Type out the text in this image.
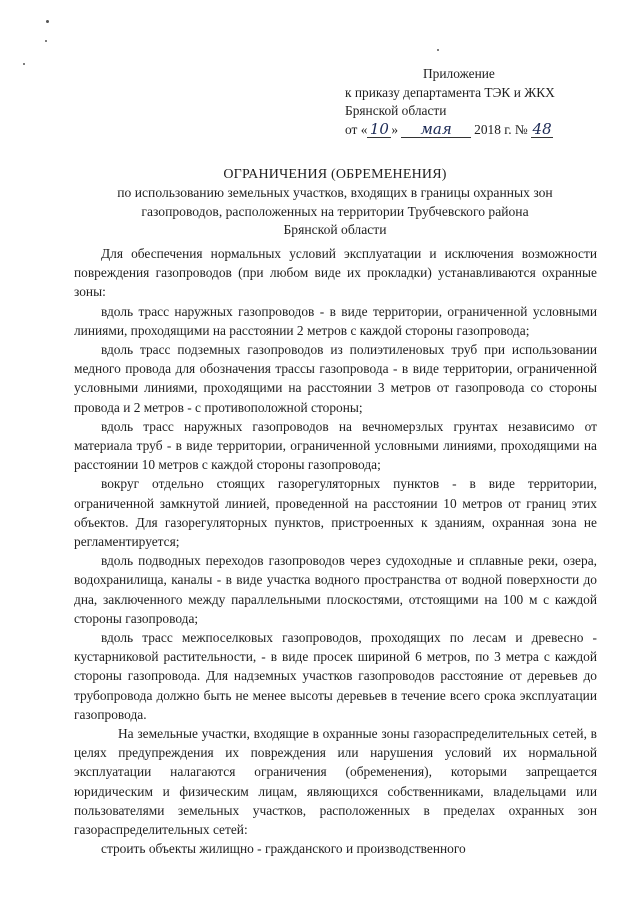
Приложение
к приказу департамента ТЭК и ЖКХ
Брянской области
от « 10 » мая 2018 г. № 48
ОГРАНИЧЕНИЯ (ОБРЕМЕНЕНИЯ)
по использованию земельных участков, входящих в границы охранных зон
газопроводов, расположенных на территории Трубчевского района
Брянской области

Для обеспечения нормальных условий эксплуатации и исключения возможности повреждения газопроводов (при любом виде их прокладки) устанавливаются охранные зоны:

вдоль трасс наружных газопроводов - в виде территории, ограниченной условными линиями, проходящими на расстоянии 2 метров с каждой стороны газопровода;

вдоль трасс подземных газопроводов из полиэтиленовых труб при использовании медного провода для обозначения трассы газопровода - в виде территории, ограниченной условными линиями, проходящими на расстоянии 3 метров от газопровода со стороны провода и 2 метров - с противоположной стороны;

вдоль трасс наружных газопроводов на вечномерзлых грунтах независимо от материала труб - в виде территории, ограниченной условными линиями, проходящими на расстоянии 10 метров с каждой стороны газопровода;

вокруг отдельно стоящих газорегуляторных пунктов - в виде территории, ограниченной замкнутой линией, проведенной на расстоянии 10 метров от границ этих объектов. Для газорегуляторных пунктов, пристроенных к зданиям, охранная зона не регламентируется;

вдоль подводных переходов газопроводов через судоходные и сплавные реки, озера, водохранилища, каналы - в виде участка водного пространства от водной поверхности до дна, заключенного между параллельными плоскостями, отстоящими на 100 м с каждой стороны газопровода;

вдоль трасс межпоселковых газопроводов, проходящих по лесам и древесно - кустарниковой растительности, - в виде просек шириной 6 метров, по 3 метра с каждой стороны газопровода. Для надземных участков газопроводов расстояние от деревьев до трубопровода должно быть не менее высоты деревьев в течение всего срока эксплуатации газопровода.

На земельные участки, входящие в охранные зоны газораспределительных сетей, в целях предупреждения их повреждения или нарушения условий их нормальной эксплуатации налагаются ограничения (обременения), которыми запрещается юридическим и физическим лицам, являющихся собственниками, владельцами или пользователями земельных участков, расположенных в пределах охранных зон газораспределительных сетей:

строить объекты жилищно - гражданского и производственного
